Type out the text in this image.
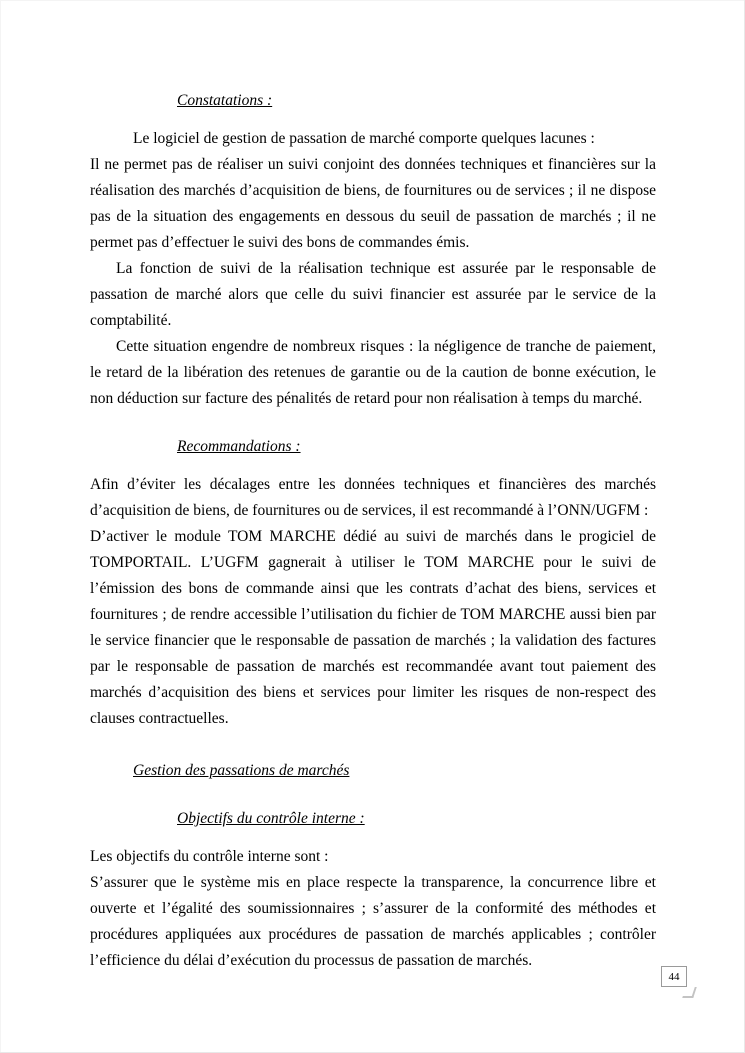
Constatations :

Le logiciel de gestion de passation de marché comporte quelques lacunes :

Il ne permet pas de réaliser un suivi conjoint des données techniques et financières sur la réalisation des marchés d’acquisition de biens, de fournitures ou de services ; il ne dispose pas de la situation des engagements en dessous du seuil de passation de marchés ; il ne permet pas d’effectuer le suivi des bons de commandes émis.

La fonction de suivi de la réalisation technique est assurée par le responsable de passation de marché alors que celle du suivi financier est assurée par le service de la comptabilité.

Cette situation engendre de nombreux risques : la négligence de tranche de paiement, le retard de la libération des retenues de garantie ou de la caution de bonne exécution, le non déduction sur facture des pénalités de retard pour non réalisation à temps du marché.

Recommandations :

Afin d’éviter les décalages entre les données techniques et financières des marchés d’acquisition de biens, de fournitures ou de services, il est recommandé à l’ONN/UGFM :

D’activer le module TOM MARCHE dédié au suivi de marchés dans le progiciel de TOMPORTAIL. L’UGFM gagnerait à utiliser le TOM MARCHE pour le suivi de l’émission des bons de commande ainsi que les contrats d’achat des biens, services et fournitures ; de rendre accessible l’utilisation du fichier de TOM MARCHE aussi bien par le service financier que le responsable de passation de marchés ; la validation des factures par le responsable de passation de marchés est recommandée avant tout paiement des marchés d’acquisition des biens et services pour limiter les risques de non-respect des clauses contractuelles.

Gestion des passations de marchés
Objectifs du contrôle interne :

Les objectifs du contrôle interne sont :

S’assurer que le système mis en place respecte la transparence, la concurrence libre et ouverte et l’égalité des soumissionnaires ; s’assurer de la conformité des méthodes et procédures appliquées aux procédures de passation de marchés applicables ; contrôler l’efficience du délai d’exécution du processus de passation de marchés.

44
